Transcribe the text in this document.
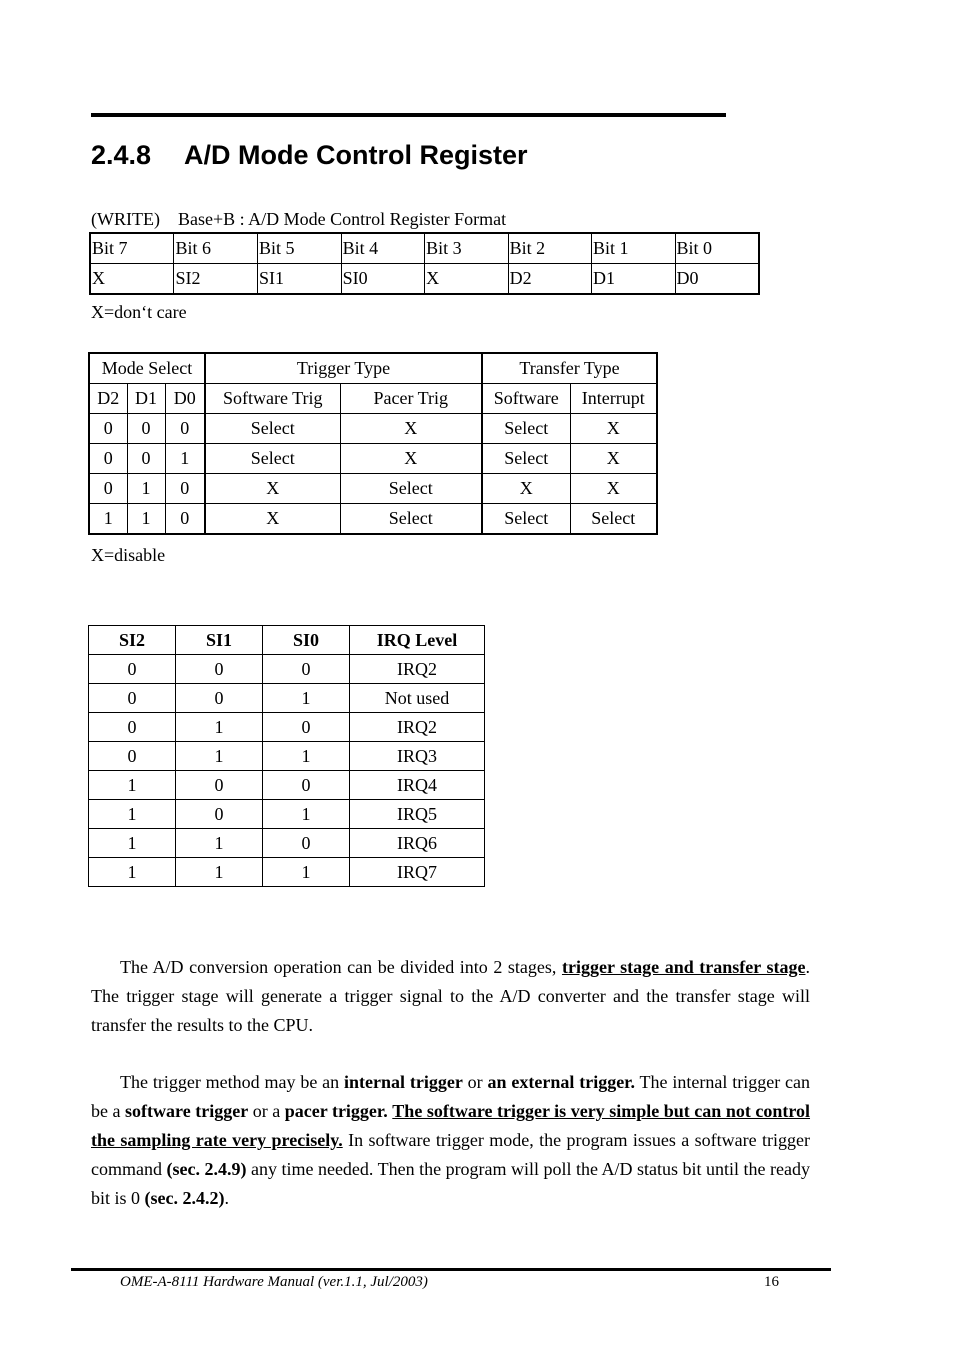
2.4.8 A/D Mode Control Register
(WRITE)    Base+B : A/D Mode Control Register Format
Bit 7	Bit 6	Bit 5	Bit 4	Bit 3	Bit 2	Bit 1	Bit 0
X	SI2	SI1	SI0	X	D2	D1	D0
X=don‘t care
Mode Select			Trigger Type		Transfer Type	
D2	D1	D0	Software Trig	Pacer Trig	Software	Interrupt
0	0	0	Select	X	Select	X
0	0	1	Select	X	Select	X
0	1	0	X	Select	X	X
1	1	0	X	Select	Select	Select
X=disable
SI2	SI1	SI0	IRQ Level
0	0	0	IRQ2
0	0	1	Not used
0	1	0	IRQ2
0	1	1	IRQ3
1	0	0	IRQ4
1	0	1	IRQ5
1	1	0	IRQ6
1	1	1	IRQ7

The A/D conversion operation can be divided into 2 stages, trigger stage and transfer stage. The trigger stage will generate a trigger signal to the A/D converter and the transfer stage will transfer the results to the CPU.

The trigger method may be an internal trigger or an external trigger. The internal trigger can be a software trigger or a pacer trigger. The software trigger is very simple but can not control the sampling rate very precisely. In software trigger mode, the program issues a software trigger command (sec. 2.4.9) any time needed. Then the program will poll the A/D status bit until the ready bit is 0 (sec. 2.4.2).

OME-A-8111 Hardware Manual (ver.1.1, Jul/2003)	16
